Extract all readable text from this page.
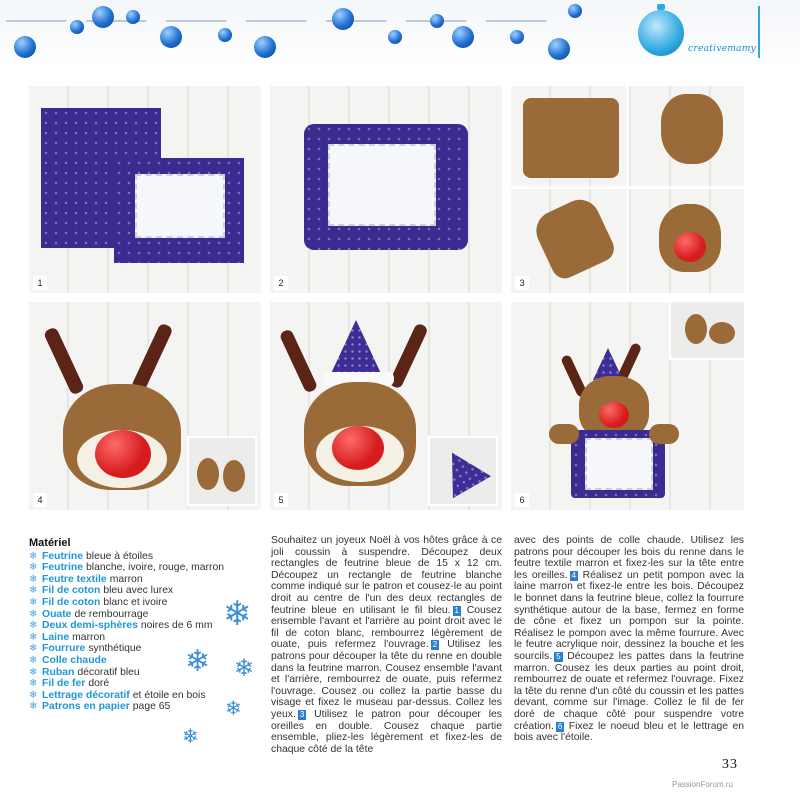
creativemamy
1	2	3
4	5	6
Matériel
❄ Feutrine bleue à étoiles
❄ Feutrine blanche, ivoire, rouge, marron
❄ Feutre textile marron
❄ Fil de coton bleu avec lurex
❄ Fil de coton blanc et ivoire
❄ Ouate de rembourrage
❄ Deux demi-sphères noires de 6 mm
❄ Laine marron
❄ Fourrure synthétique
❄ Colle chaude
❄ Ruban décoratif bleu
❄ Fil de fer doré
❄ Lettrage décoratif et étoile en bois
❄ Patrons en papier page 65
❄
❄ ❄
❄
❄
Souhaitez un joyeux Noël à vos hôtes grâce à ce joli coussin à suspendre. Découpez deux rectangles de feutrine bleue de 15 x 12 cm. Découpez un rectangle de feutrine blanche comme indiqué sur le patron et cousez-le au point droit au centre de l'un des deux rectangles de feutrine bleue en utilisant le fil bleu. 1 Cousez ensemble l'avant et l'arrière au point droit avec le fil de coton blanc, rembourrez légèrement de ouate, puis refermez l'ouvrage. 2 Utilisez les patrons pour découper la tête du renne en double dans la feutrine marron. Cousez ensemble l'avant et l'arrière, rembourrez de ouate, puis refermez l'ouvrage. Cousez ou collez la partie basse du visage et fixez le museau par-dessus. Collez les yeux. 3 Utilisez le patron pour découper les oreilles en double. Cousez chaque partie ensemble, pliez-les légèrement et fixez-les de chaque côté de la tête
avec des points de colle chaude. Utilisez les patrons pour découper les bois du renne dans le feutre textile marron et fixez-les sur la tête entre les oreilles. 4 Réalisez un petit pompon avec la laine marron et fixez-le entre les bois. Découpez le bonnet dans la feutrine bleue, collez la fourrure synthétique autour de la base, fermez en forme de cône et fixez un pompon sur la pointe. Réalisez le pompon avec la même fourrure. Avec le feutre acrylique noir, dessinez la bouche et les sourcils. 5 Découpez les pattes dans la feutrine marron. Cousez les deux parties au point droit, rembourrez de ouate et refermez l'ouvrage. Fixez la tête du renne d'un côté du coussin et les pattes devant, comme sur l'image. Collez le fil de fer doré de chaque côté pour suspendre votre création. 6 Fixez le noeud bleu et le lettrage en bois avec l'étoile.
33
PassionForum.ru
